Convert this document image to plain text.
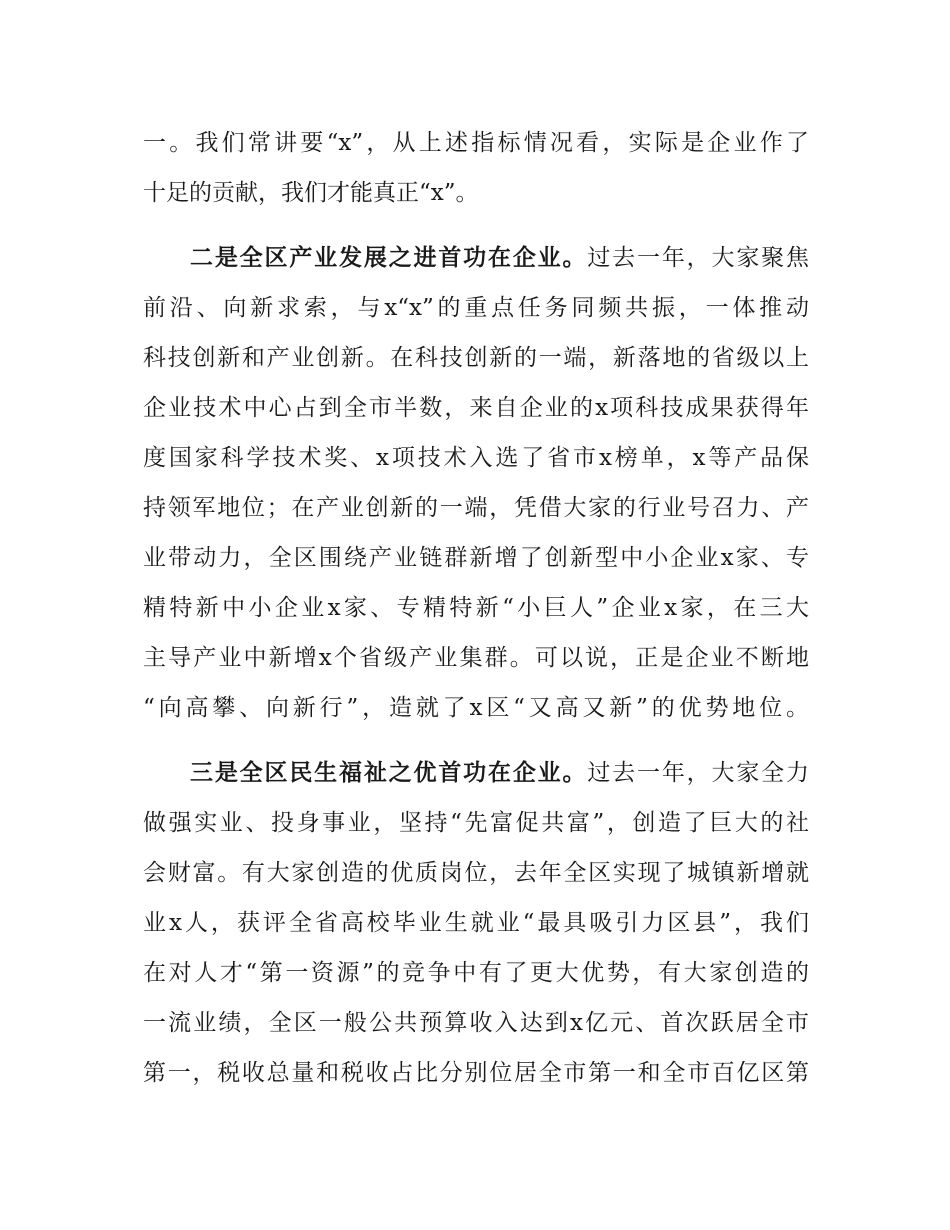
一。我们常讲要“x”，从上述指标情况看，实际是企业作了
十足的贡献，我们才能真正“x”。
二是全区产业发展之进首功在企业。过去一年，大家聚焦
前沿、向新求索，与x“x”的重点任务同频共振，一体推动
科技创新和产业创新。在科技创新的一端，新落地的省级以上
企业技术中心占到全市半数，来自企业的x项科技成果获得年
度国家科学技术奖、x项技术入选了省市x榜单，x等产品保
持领军地位；在产业创新的一端，凭借大家的行业号召力、产
业带动力，全区围绕产业链群新增了创新型中小企业x家、专
精特新中小企业x家、专精特新“小巨人”企业x家，在三大
主导产业中新增x个省级产业集群。可以说，正是企业不断地
“向高攀、向新行”，造就了x区“又高又新”的优势地位。
三是全区民生福祉之优首功在企业。过去一年，大家全力
做强实业、投身事业，坚持“先富促共富”，创造了巨大的社
会财富。有大家创造的优质岗位，去年全区实现了城镇新增就
业x人，获评全省高校毕业生就业“最具吸引力区县”，我们
在对人才“第一资源”的竞争中有了更大优势，有大家创造的
一流业绩，全区一般公共预算收入达到x亿元、首次跃居全市
第一，税收总量和税收占比分别位居全市第一和全市百亿区第
